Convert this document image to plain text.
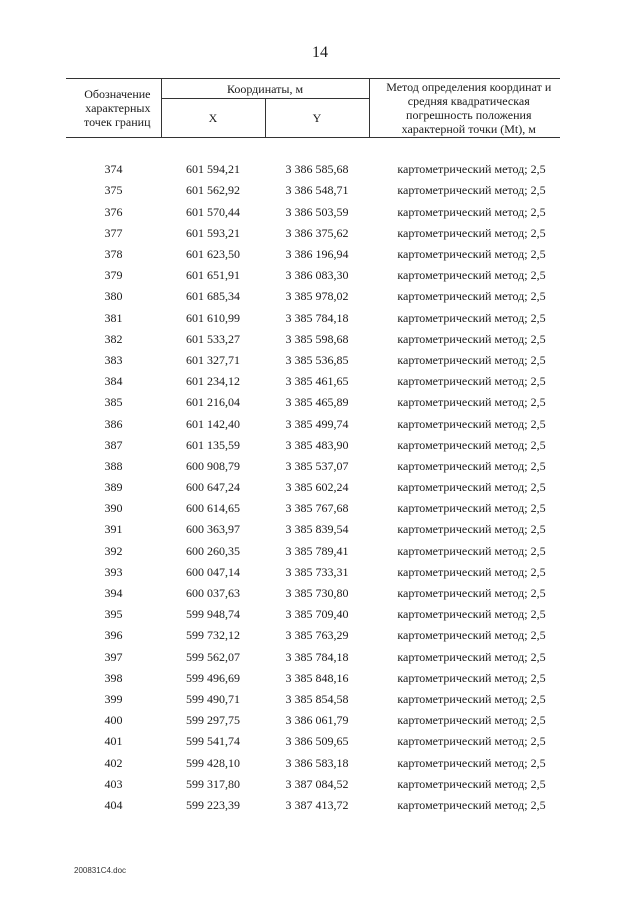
14
Обозначение характерных точек границ	Координаты, м		Метод определения координат и средняя квадратическая погрешность положения характерной точки (Mt), м
	X	Y	

374	601 594,21	3 386 585,68	картометрический метод; 2,5
375	601 562,92	3 386 548,71	картометрический метод; 2,5
376	601 570,44	3 386 503,59	картометрический метод; 2,5
377	601 593,21	3 386 375,62	картометрический метод; 2,5
378	601 623,50	3 386 196,94	картометрический метод; 2,5
379	601 651,91	3 386 083,30	картометрический метод; 2,5
380	601 685,34	3 385 978,02	картометрический метод; 2,5
381	601 610,99	3 385 784,18	картометрический метод; 2,5
382	601 533,27	3 385 598,68	картометрический метод; 2,5
383	601 327,71	3 385 536,85	картометрический метод; 2,5
384	601 234,12	3 385 461,65	картометрический метод; 2,5
385	601 216,04	3 385 465,89	картометрический метод; 2,5
386	601 142,40	3 385 499,74	картометрический метод; 2,5
387	601 135,59	3 385 483,90	картометрический метод; 2,5
388	600 908,79	3 385 537,07	картометрический метод; 2,5
389	600 647,24	3 385 602,24	картометрический метод; 2,5
390	600 614,65	3 385 767,68	картометрический метод; 2,5
391	600 363,97	3 385 839,54	картометрический метод; 2,5
392	600 260,35	3 385 789,41	картометрический метод; 2,5
393	600 047,14	3 385 733,31	картометрический метод; 2,5
394	600 037,63	3 385 730,80	картометрический метод; 2,5
395	599 948,74	3 385 709,40	картометрический метод; 2,5
396	599 732,12	3 385 763,29	картометрический метод; 2,5
397	599 562,07	3 385 784,18	картометрический метод; 2,5
398	599 496,69	3 385 848,16	картометрический метод; 2,5
399	599 490,71	3 385 854,58	картометрический метод; 2,5
400	599 297,75	3 386 061,79	картометрический метод; 2,5
401	599 541,74	3 386 509,65	картометрический метод; 2,5
402	599 428,10	3 386 583,18	картометрический метод; 2,5
403	599 317,80	3 387 084,52	картометрический метод; 2,5
404	599 223,39	3 387 413,72	картометрический метод; 2,5
200831C4.doc
